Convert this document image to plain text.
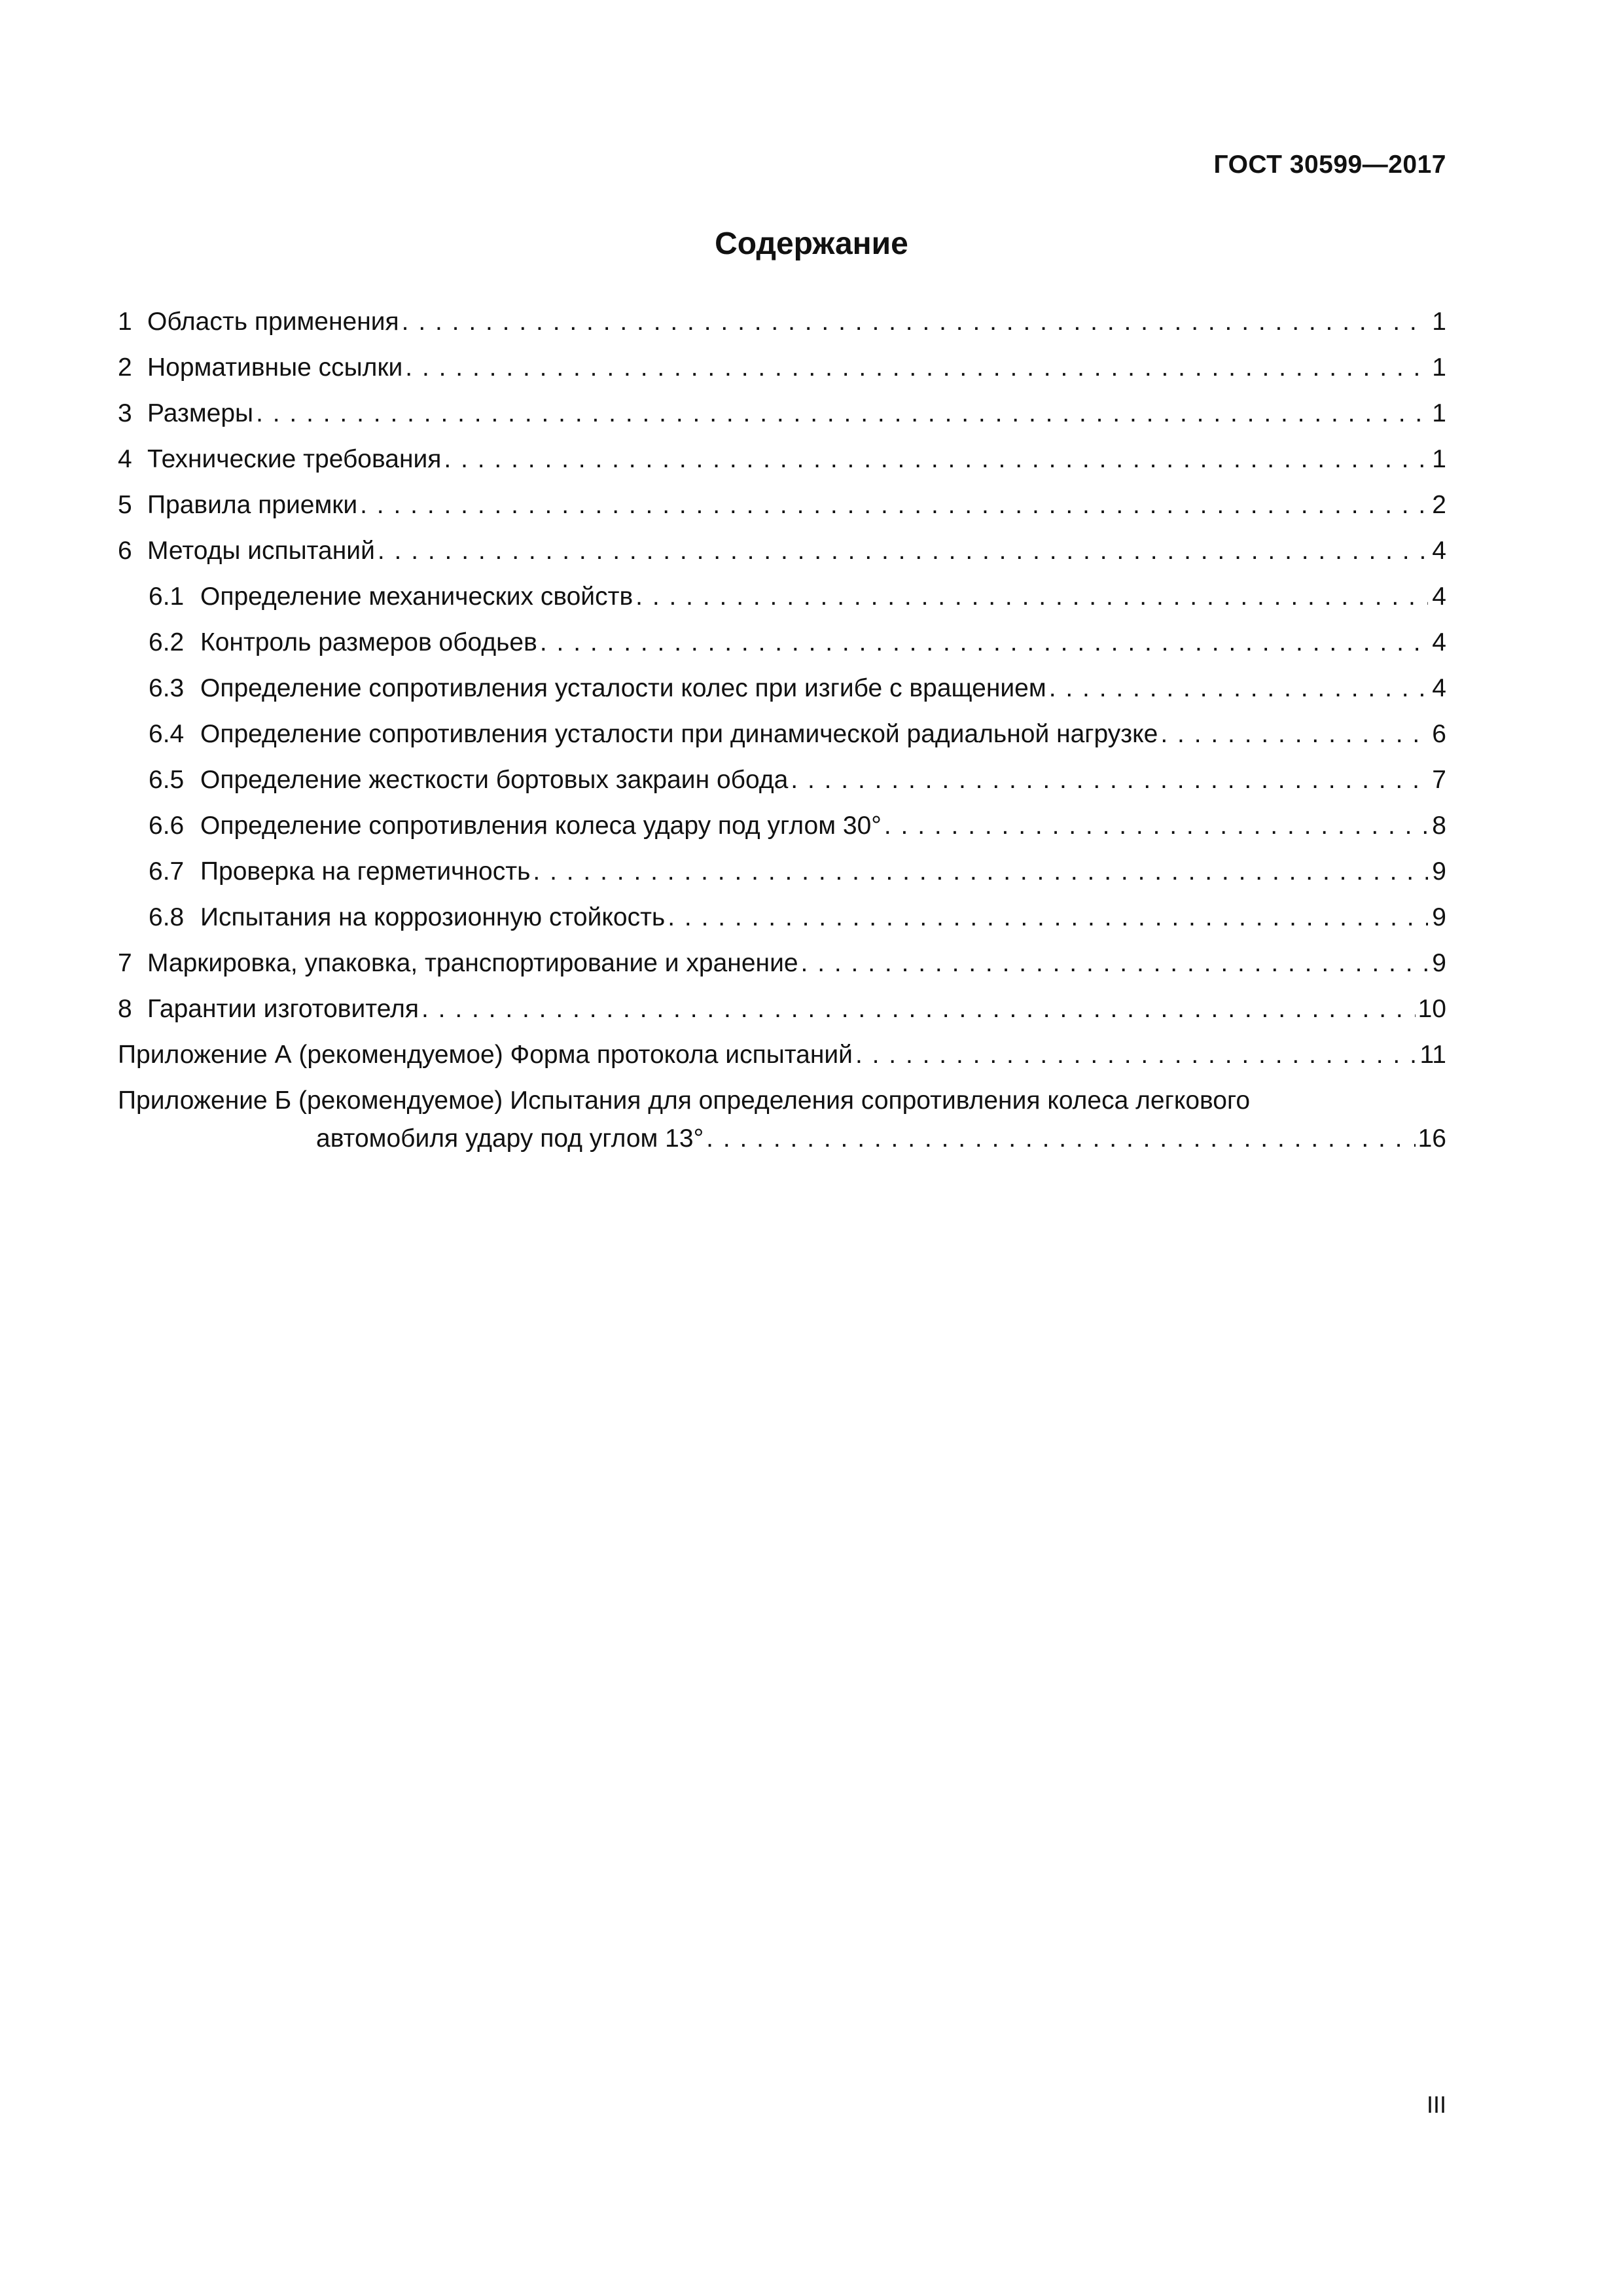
ГОСТ 30599—2017
Содержание
1 Область применения . . .	1
2 Нормативные ссылки . . .	1
3 Размеры . . .	1
4 Технические требования . . .	1
5 Правила приемки . . .	2
6 Методы испытаний . . .	4
6.1 Определение механических свойств . . .	4
6.2 Контроль размеров ободьев . . .	4
6.3 Определение сопротивления усталости колес при изгибе с вращением . . .	4
6.4 Определение сопротивления усталости при динамической радиальной нагрузке . . .	6
6.5 Определение жесткости бортовых закраин обода . . .	7
6.6 Определение сопротивления колеса удару под углом 30° . . .	8
6.7 Проверка на герметичность . . .	9
6.8 Испытания на коррозионную стойкость . . .	9
7 Маркировка, упаковка, транспортирование и хранение . . .	9
8 Гарантии изготовителя . . .	10
Приложение А (рекомендуемое) Форма протокола испытаний . . .	11
Приложение Б (рекомендуемое) Испытания для определения сопротивления колеса легкового
автомобиля удару под углом 13° . . .	16
III
